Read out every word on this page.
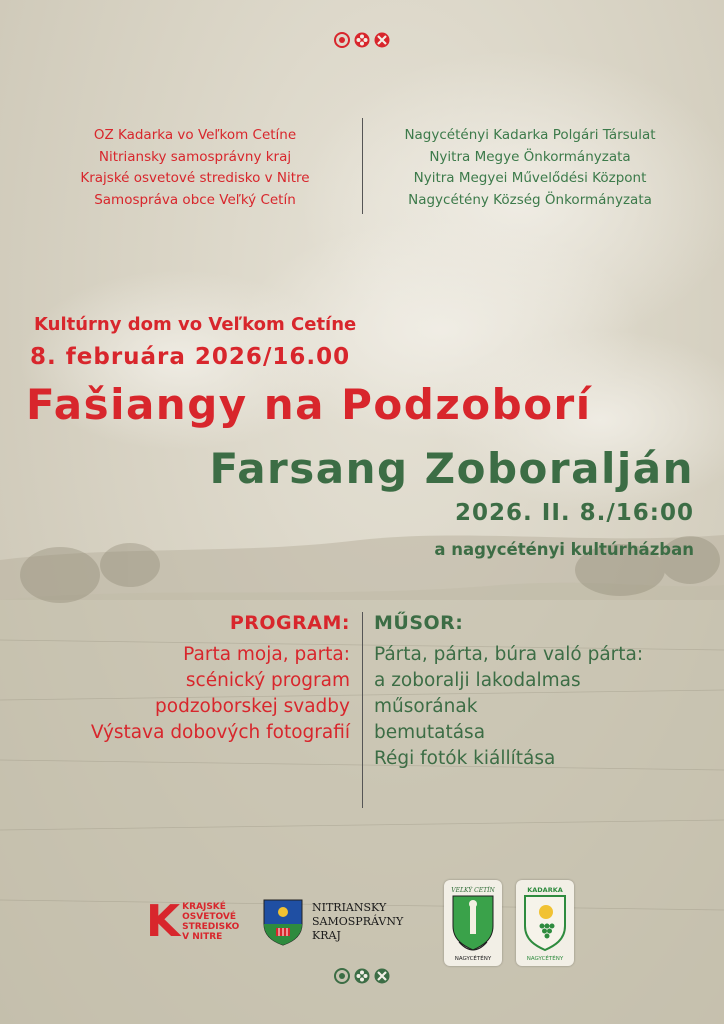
OZ Kadarka vo Veľkom Cetíne
Nitriansky samosprávny kraj
Krajské osvetové stredisko v Nitre
Samospráva obce Veľký Cetín
Nagycétényi Kadarka Polgári Társulat
Nyitra Megye Önkormányzata
Nyitra Megyei Művelődési Központ
Nagycétény Község Önkormányzata
Kultúrny dom vo Veľkom Cetíne
8. februára 2026/16.00
Fašiangy na Podzoborí
Farsang Zoboralján
2026. II. 8./16:00
a nagycétényi kultúrházban
PROGRAM:
Parta moja, parta:
scénický program
podzoborskej svadby
Výstava dobových fotografií
MŰSOR:
Párta, párta, búra való párta:
a zoboralji lakodalmas
műsorának
bemutatása
Régi fotók kiállítása
K KRAJSKÉ
OSVETOVÉ
STREDISKO
V NITRE
NITRIANSKY
SAMOSPRÁVNY
KRAJ
VEĽKÝ CETÍN
NAGYCÉTÉNY
KADARKA
NAGYCÉTÉNY
